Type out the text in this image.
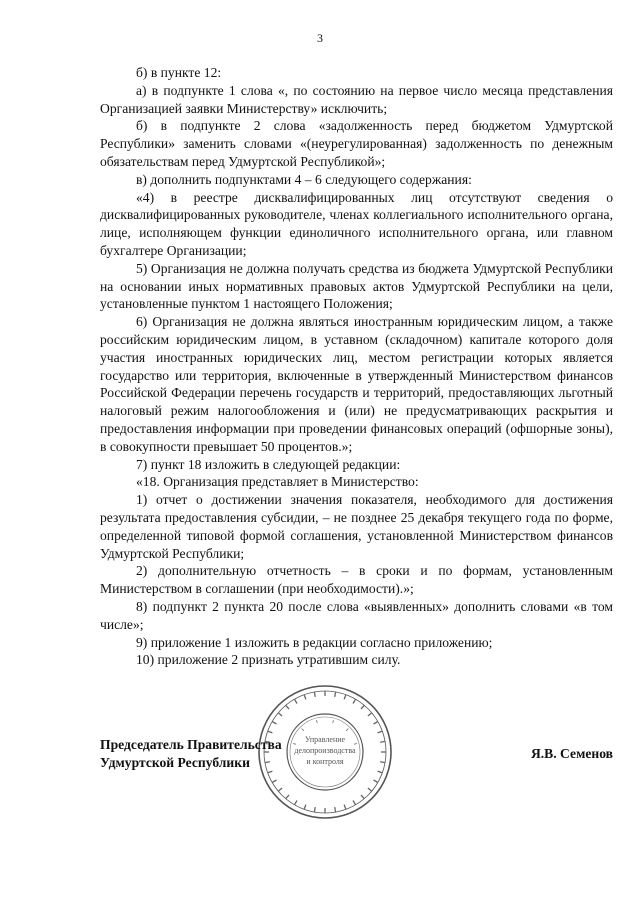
3

б) в пункте 12:

а) в подпункте 1 слова «, по состоянию на первое число месяца представления Организацией заявки Министерству» исключить;

б) в подпункте 2 слова «задолженность перед бюджетом Удмуртской Республики» заменить словами «(неурегулированная) задолженность по денежным обязательствам перед Удмуртской Республикой»;

в) дополнить подпунктами 4 – 6 следующего содержания:

«4) в реестре дисквалифицированных лиц отсутствуют сведения о дисквалифицированных руководителе, членах коллегиального исполнительного органа, лице, исполняющем функции единоличного исполнительного органа, или главном бухгалтере Организации;

5) Организация не должна получать средства из бюджета Удмуртской Республики на основании иных нормативных правовых актов Удмуртской Республики на цели, установленные пунктом 1 настоящего Положения;

6) Организация не должна являться иностранным юридическим лицом, а также российским юридическим лицом, в уставном (складочном) капитале которого доля участия иностранных юридических лиц, местом регистрации которых является государство или территория, включенные в утвержденный Министерством финансов Российской Федерации перечень государств и территорий, предоставляющих льготный налоговый режим налогообложения и (или) не предусматривающих раскрытия и предоставления информации при проведении финансовых операций (офшорные зоны), в совокупности превышает 50 процентов.»;

7) пункт 18 изложить в следующей редакции:

«18. Организация представляет в Министерство:

1) отчет о достижении значения показателя, необходимого для достижения результата предоставления субсидии, – не позднее 25 декабря текущего года по форме, определенной типовой формой соглашения, установленной Министерством финансов Удмуртской Республики;

2) дополнительную отчетность – в сроки и по формам, установленным Министерством в соглашении (при необходимости).»;

8) подпункт 2 пункта 20 после слова «выявленных» дополнить словами «в том числе»;

9) приложение 1 изложить в редакции согласно приложению;

10) приложение 2 признать утратившим силу.

Управление
делопроизводства
и контроля
Председатель Правительства
Удмуртской Республики
Я.В. Семенов
